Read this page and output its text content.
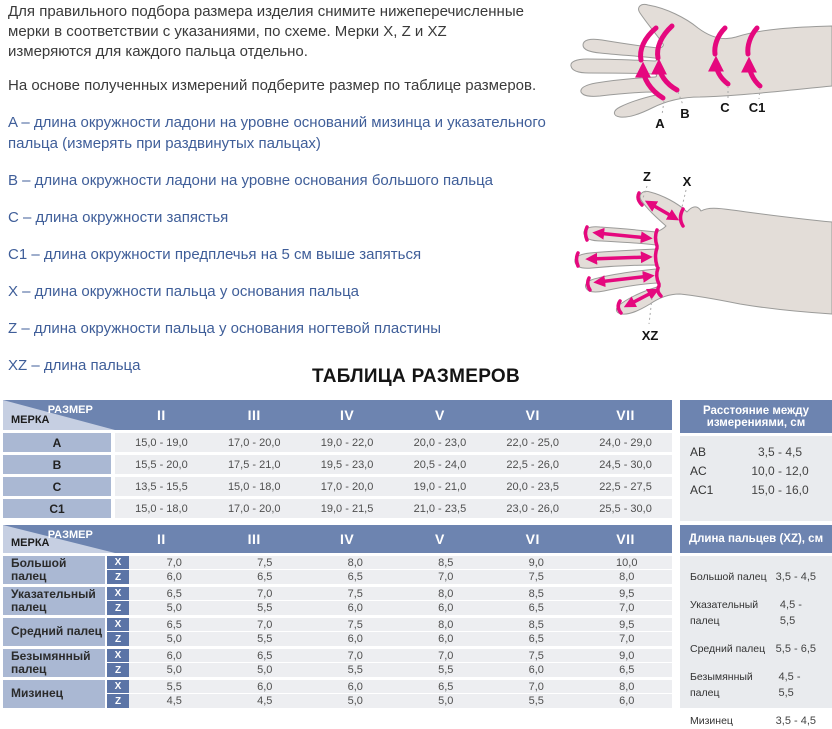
Для правильного подбора размера изделия снимите нижеперечисленные мерки в соответствии с указаниями, по схеме. Мерки X, Z и XZ измеряются для каждого пальца отдельно.
На основе полученных измерений подберите размер по таблице размеров.
A – длина окружности ладони на уровне оснований мизинца и указательного пальца (измерять при раздвинутых пальцах)
B – длина окружности ладони на уровне основания большого пальца
C – длина окружности запястья
C1 – длина окружности предплечья на 5 см выше запяться
X – длина окружности пальца у основания пальца
Z – длина окружности пальца у основания ногтевой пластины
XZ – длина пальца
A
B C C1
Z X
XZ
ТАБЛИЦА РАЗМЕРОВ
РАЗМЕР
МЕРКА	II	III	IV	V	VI	VII
A	15,0 - 19,0	17,0 - 20,0	19,0 - 22,0	20,0 - 23,0	22,0 - 25,0	24,0 - 29,0
B	15,5 - 20,0	17,5 - 21,0	19,5 - 23,0	20,5 - 24,0	22,5 - 26,0	24,5 - 30,0
C	13,5 - 15,5	15,0 - 18,0	17,0 - 20,0	19,0 - 21,0	20,0 - 23,5	22,5 - 27,5
C1	15,0 - 18,0	17,0 - 20,0	19,0 - 21,5	21,0 - 23,5	23,0 - 26,0	25,5 - 30,0
Расстояние между измерениями, см
AB	3,5 - 4,5
AC	10,0 - 12,0
AC1	15,0 - 16,0
РАЗМЕР
МЕРКА	II	III	IV	V	VI	VII
Большой палец
X	7,0	7,5	8,0	8,5	9,0	10,0
Z	6,0	6,5	6,5	7,0	7,5	8,0
Указательный палец
X	6,5	7,0	7,5	8,0	8,5	9,5
Z	5,0	5,5	6,0	6,0	6,5	7,0
Средний палец	X	6,5	7,0	7,5	8,0	8,5	9,5
Z	5,0	5,5	6,0	6,0	6,5	7,0
Безымянный палец
X	6,0	6,5	7,0	7,0	7,5	9,0
Z	5,0	5,0	5,5	5,5	6,0	6,5
Мизинец	X	5,5	6,0	6,0	6,5	7,0	8,0
Z	4,5	4,5	5,0	5,0	5,5	6,0
Длина пальцев (XZ), см
Большой палец 3,5 - 4,5
Указательный палец
4,5 - 5,5
Средний палец 5,5 - 6,5
Безымянный палец
4,5 - 5,5
Мизинец	3,5 - 4,5
